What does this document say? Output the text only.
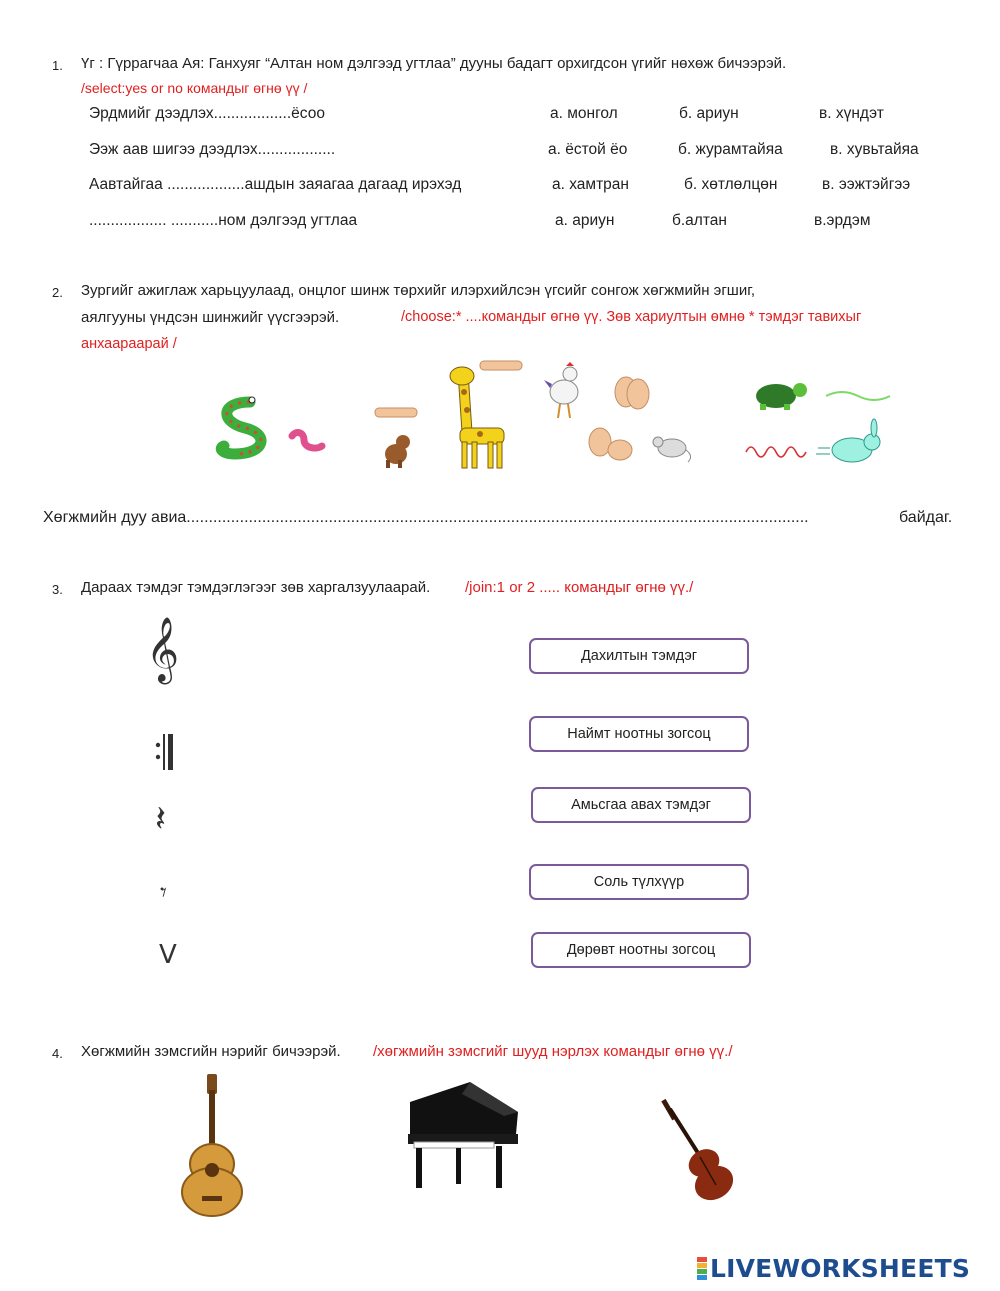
1. Үг : Гүррагчаа Ая: Ганхуяг “Алтан ном дэлгээд угтлаа” дууны бадагт орхигдсон үгийг нөхөж бичээрэй.
/select:yes or no командыг өгнө үү /
Эрдмийг дээдлэх..................ёсоо	а. монгол	б. ариун	в. хүндэт
Ээж аав шигээ дээдлэх..................	а. ёстой ёо	б. журамтайяа	в. хувьтайяа
Аавтайгаа ..................ашдын заяагаа дагаад ирэхэд	а. хамтран	б. хөтлөлцөн	в. ээжтэйгээ
.................. ...........ном дэлгээд угтлаа	а. ариун	б.алтан	в.эрдэм
2. Зургийг ажиглаж харьцуулаад, онцлог шинж төрхийг илэрхийлсэн үгсийг сонгож хөгжмийн эгшиг,
аялгууны үндсэн шинжийг үүсгээрэй.	/choose:* ....командыг өгнө үү. Зөв хариултын өмнө * тэмдэг тавихыг
анхаараарай /
Хөгжмийн дуу авиа............................................................................................................................................	байдаг.
3. Дараах тэмдэг тэмдэглэгээг зөв харгалзуулаарай. /join:1 or 2 ..... командыг өгнө үү./
𝄞
𝄽
𝄾
V
Дахилтын тэмдэг
Наймт ноотны зогсоц
Амьсгаа авах тэмдэг
Соль түлхүүр
Дөрөвт ноотны зогсоц
4. Хөгжмийн зэмсгийн нэрийг бичээрэй. /хөгжмийн зэмсгийг шууд нэрлэх командыг өгнө үү./
LIVEWORKSHEETS
